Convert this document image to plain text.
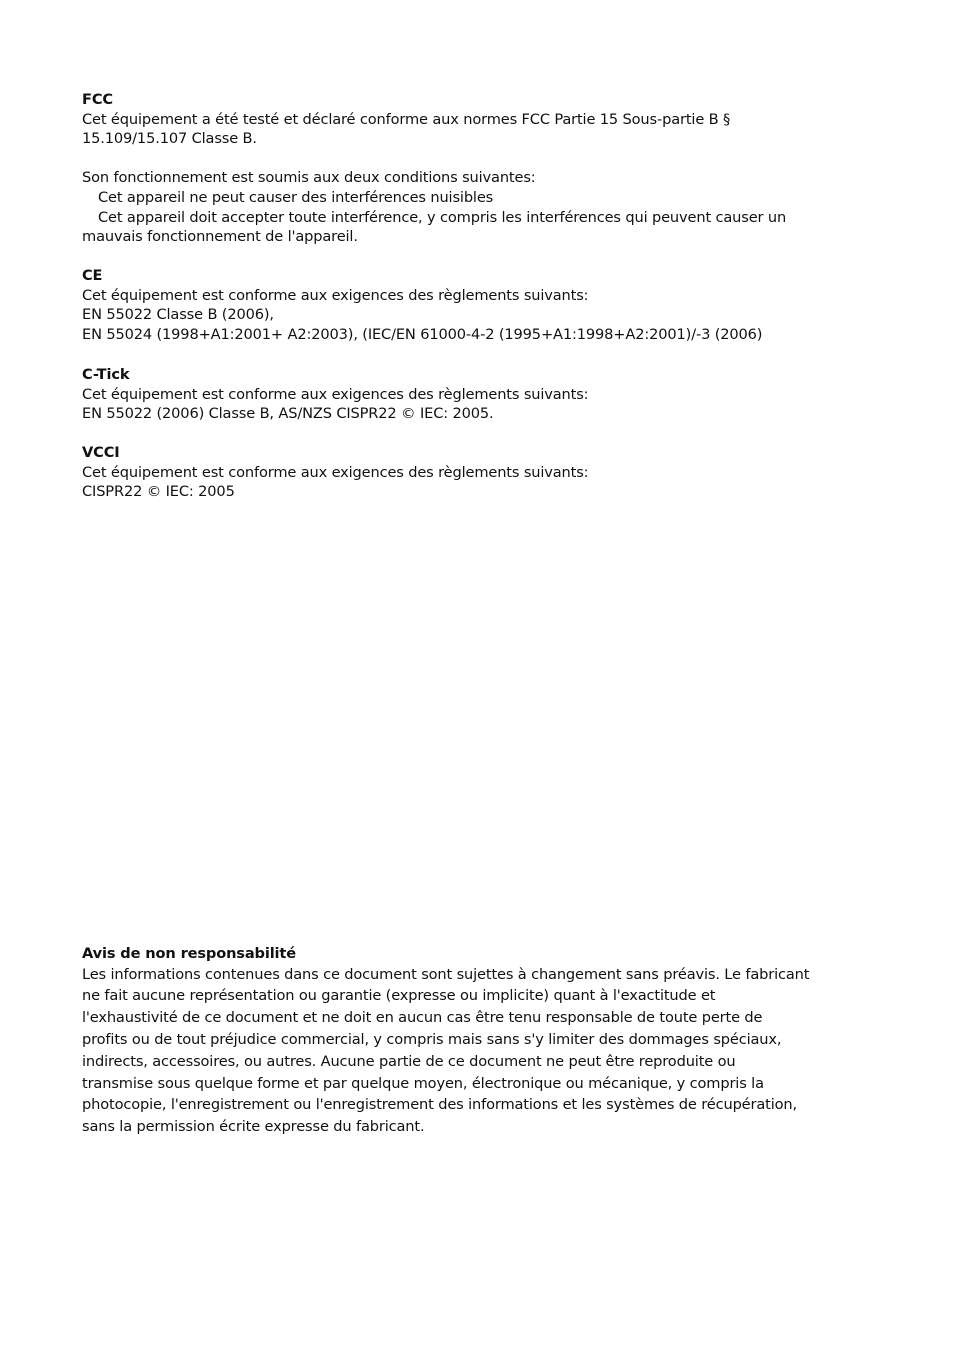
FCC
Cet équipement a été testé et déclaré conforme aux normes FCC Partie 15 Sous-partie B §
15.109/15.107 Classe B.
Son fonctionnement est soumis aux deux conditions suivantes:
Cet appareil ne peut causer des interférences nuisibles
Cet appareil doit accepter toute interférence, y compris les interférences qui peuvent causer un
mauvais fonctionnement de l'appareil.
CE
Cet équipement est conforme aux exigences des règlements suivants:
EN 55022 Classe B (2006),
EN 55024 (1998+A1:2001+ A2:2003), (IEC/EN 61000-4-2 (1995+A1:1998+A2:2001)/-3 (2006)
C-Tick
Cet équipement est conforme aux exigences des règlements suivants:
EN 55022 (2006) Classe B, AS/NZS CISPR22 © IEC: 2005.
VCCI
Cet équipement est conforme aux exigences des règlements suivants:
CISPR22 © IEC: 2005
Avis de non responsabilité
Les informations contenues dans ce document sont sujettes à changement sans préavis. Le fabricant
ne fait aucune représentation ou garantie (expresse ou implicite) quant à l'exactitude et
l'exhaustivité de ce document et ne doit en aucun cas être tenu responsable de toute perte de
profits ou de tout préjudice commercial, y compris mais sans s'y limiter des dommages spéciaux,
indirects, accessoires, ou autres. Aucune partie de ce document ne peut être reproduite ou
transmise sous quelque forme et par quelque moyen, électronique ou mécanique, y compris la
photocopie, l'enregistrement ou l'enregistrement des informations et les systèmes de récupération,
sans la permission écrite expresse du fabricant.
